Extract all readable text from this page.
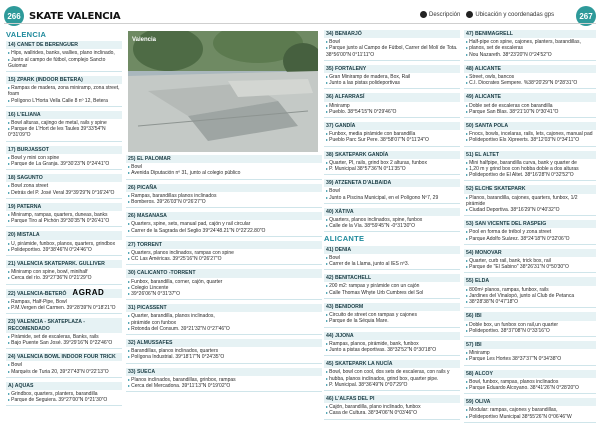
266 SKATE VALENCIA	Descripción	Ubicación y coordenadas gps	267
Valencia
VALENCIA
14) CANET DE BERENGUER
▸ Hips, wallrides, banks, wallies, plano inclinado,
▸ Junto al campo de fútbol, complejo Sancto Guiomar
15) ZPARK (INDOOR BETERA)
▸ Rampas de madera, zona miniramp, zona street, foam
▸ Polígono L'Horta Vella Calle 8 nº 12, Betera
16) L'ELIANA
▸ Bowl alturas, cajingo de metal, rails y spine
▸ Parque de L'Hort de les Taules 39°33'54"N 0°31'09"O
17) BURJASSOT
▸ Bowl y mini con spine
▸ Parque de La Granja. 39°30'23"N 0°24'41"O
18) SAGUNTO
▸ Bowl zona street
▸ Detrás del P. José Veral 39°39'29"N 0°16'24"O
19) PATERNA
▸ Miniramp, rampas, quarters, duneas, banks
▸ Parque Tiro al Pichón 39°30'35"N 0°26'41"O
20) MISTALA
▸ U, pirámide, funbox, planos, quarters, grindbox
▸ Polideportivo. 39°38'46"N 0°24'46"O
21) VALENCIA SKATEPARK. GULLIVER
▸ Miniramp con spine, bowl, minihalf
▸ Cerca del río. 39°27'36"N 0°21'29"O
22) VALENCIA-BETERÓ AGRAD
▸ Rampas, Half-Pipe, Bowl
▸ P.M.Vergen del Carmen. 39°28'39"N 0°18'21"O
23) VALENCIA - SKATEPLAZA - RECOMENDADO
▸ Pirámide, set de escaleras, Banks, rails
▸ Bajo Puente San José. 39°29'16"N 0°22'46"O
24) VALENCIA BOWL INDOOR FOUR TRICK
▸ Bowl
▸ Marqués de Turia 20, 39°27'43"N 0°22'13"O
A) AQUAS
▸ Grindbox, quarters, planters, barandilla
▸ Parque de Seguiera. 39°27'00"N 0°21'30"O
25) EL PALOMAR
▸ Bowl
▸ Avenida Diputación nº 31, junto al colegio público
26) PICAÑA
▸ Rampas, barandillas planos inclinados
▸ Bomberos. 39°26'03"N 0°26'27"O
26) MASANASA
▸ Quarters, spine, sets, manual pad, cajón y rail circular
▸ Carrer de la Sagrada del Seglio 39°24'48.21"N 0°22'22.80"O
27) TORRENT
▸ Quarters, planos inclinados, rampas con spine
▸ CC Las Américas. 39°25'16"N 0°26'27"O
30) CALICANTO -TORRENT
▸ Funbox, barandilla, corner, cajón, quarter
▸ Colegio Lincente
▸ 39°26'06"N 0°31'37"O
31) PICASSENT
▸ Quarter, barandilla, planos inclinados,
▸ pirámide con funbox
▸ Rotonda del Consum. 39°21'32"N 0°27'46"O
32) ALMUSSAFES
▸ Barandillas, planos inclinados, quarters
▸ Polígona Industrial. 39°18'17"N 0°24'35"O
33) SUECA
▸ Planos inclinados, barandillas, grinbox, rampas
▸ Cerca del Mercadona. 39°11'13"N 0°19'02"O
34) BENIARJÓ
▸ Bowl
▸ Parque junto al Campo de Fútbol, Carrer del Molí de Tota. 38°56'00"N 0°11'11"O
35) FORTALENY
▸ Gran Miniramp de madera, Box, Rail
▸ Junto a las pistas polideportivas
36) ALFARRASÍ
▸ Miniramp
▸ Pueblo. 38°54'15"N 0°29'46"O
37) GANDÍA
▸ Funbox, media pirámide con barandilla
▸ Pueblo Parc Sur Pere. 38°58'07"N 0°11'24"O
38) SKATEPARK GANDÍA
▸ Quarter, PI, rails, grind box 2 alturas, funbox
▸ P. Municipal 38°57'36"N 0°11'35"O
39) ATZENETA D'ALBAIDA
▸ Bowl
▸ Junto a Piscina Municipal, en el Polígono Nº7, 29
40) XÀTIVA
▸ Quarters, planos inclinados, spine, funbox
▸ Calle de la Vía. 38°59'45"N -0°31'30"O
ALICANTE
41) DENIA
▸ Bowl
▸ Carrer de la Llama, junto al IES nº3.
42) BENITACHELL
▸ 200 m2: rampas y pirámide con un cajón
▸ Calle Thomas Whyte Urb Cumbres del Sol
43) BENIDORM
▸ Circuito de street con rampas y cajones
▸ Parque de la Séquia Mare.
44) JIJONA
▸ Rampas, planos, pirámide, bank, funbox
▸ Junto a pistas deportivas. 38°32'52"N 0°30'18"O
45) SKATEPARK LA NUCÍA
▸ Bowl, bowl con cool, dos sets de escaleras, con rails y
▸ hubba, planos inclinados, grind box, quarter pipe.
▸ P. Municipal. 38°36'49"N 0°07'29"O
46) L'ALFAS DEL PI
▸ Cajón, barandilla, plano inclinado, funbox
▸ Casa de Cultura. 38°34'06"N 0°03'46"O
47) BENIMAGRELL
▸ Half-pipe con spine, cajones, planters, barandillas,
▸ planos, set de escaleras
▸ Nou Nazareth. 38°23'20"N 0°24'52"O
48) ALICANTE
▸ Street, owls, bancos
▸ C.I. Diocrates Sempere. %38°20'29"N 0°28'31"O
49) ALICANTE
▸ Doble set de escaleras con barandilla
▸ Parque San Blas. 38°21'10"N 0°30'41"O
50) SANTA POLA
▸ Fnocs, bowls, incelaras, rails, lets, cajones, manual pad
▸ Polideportivo Els Xipreerts. 38°12'03"N 0°34'11"O
51) EL ALTET
▸ Mini halfpipe, barandilla curva, bank y quarter de
▸ 1,20 m y grind box con hobba doble a dos alturas
▸ Polideportivo de El Altet. 38°16'28"N 0°32'52"O
52) ELCHE SKATEPARK
▸ Planos, barandilla, cajones, quarters, funbox, 1/2 pirámide
▸ Ciudad Deportiva. 38°16'29"N 0°40'32"O
53) SAN VICENTE DEL RASPEIG
▸ Pool en forma de trébol y zona street
▸ Parque Adolfo Suárez. 38°24'18"N 0°32'06"O
54) MONOVAR
▸ Quarter, curb rail, bank, trick box, rail
▸ Parque de "El Sabino" 38°26'31"N 0°50'30"O
55) ELDA
▸ 800m² planos, rampas, funbox, rails
▸ Jardines del Vinalopó, junto al Club de Petanca
▸ 38°28'38"N 0°47'18"O
56) IBI
▸ Doble box, un funbox con rail,un quarter
▸ Polideportivo. 38°37'08"N 0°33'16"O
57) IBI
▸ Miniramp
▸ Parque Les Hortes 38°37'37"N 0°34'38"O
58) ALCOY
▸ Bowl, funbox, rampas, planos inclinados
▸ Parque Eduardo Alcoyano. 38°41'26"N 0°28'20"O
59) OLIVA
▸ Modular: rampas, cajones y barandillas,
▸ Polideportivo Municipal 38°55'26"N 0°06'46"W
